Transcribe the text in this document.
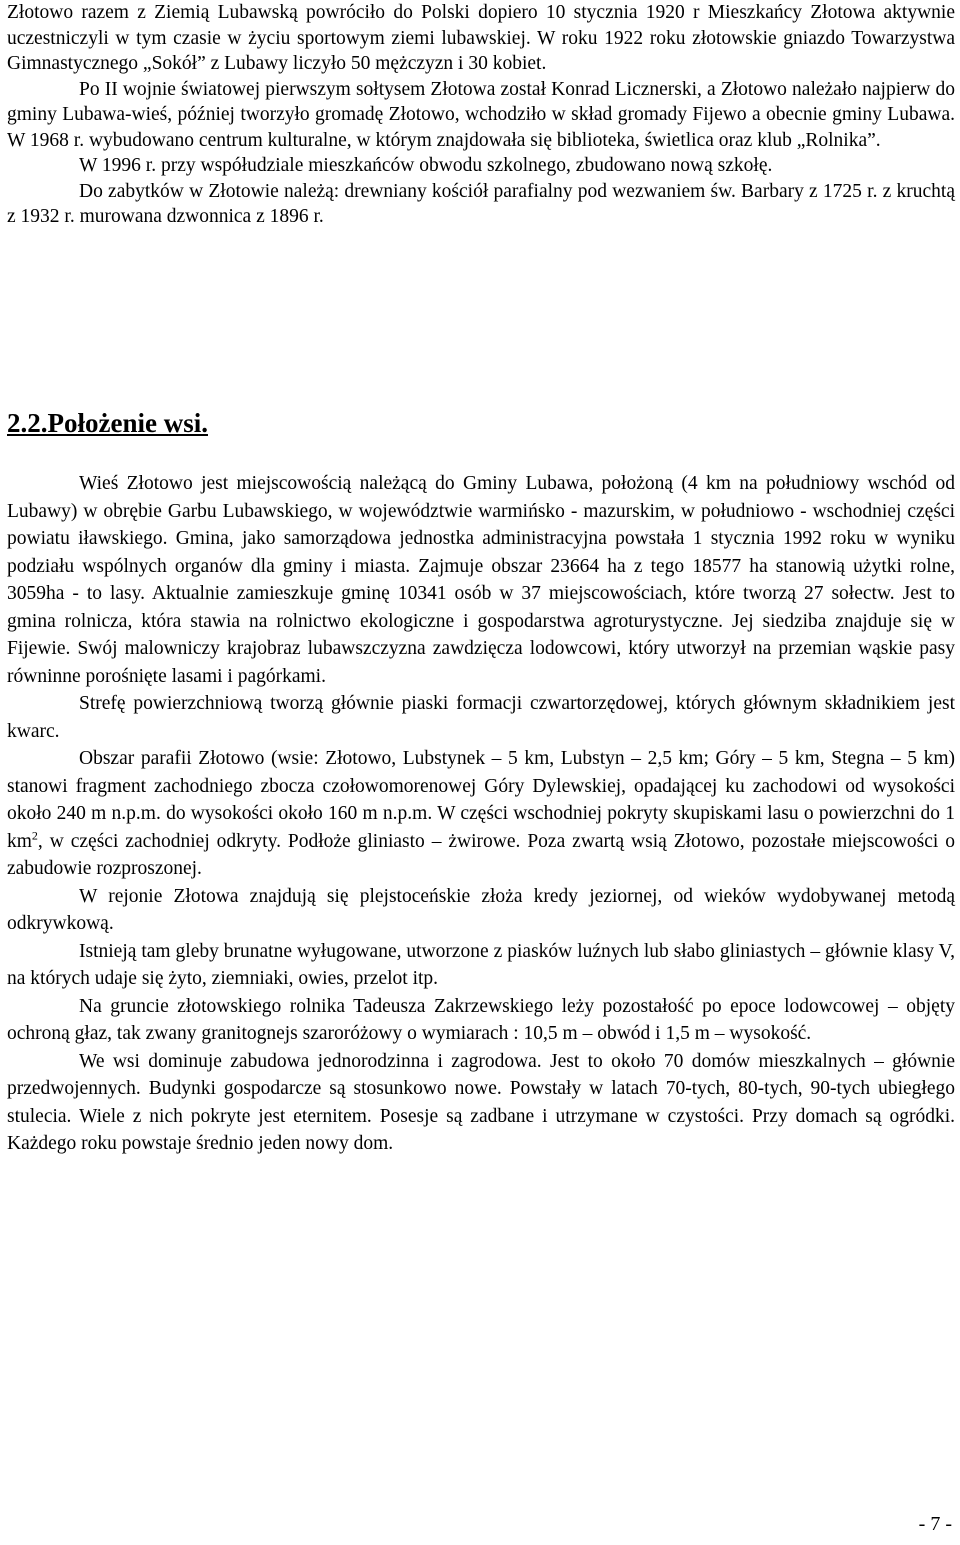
Złotowo razem z Ziemią Lubawską powróciło do Polski dopiero 10 stycznia 1920 r Mieszkańcy Złotowa aktywnie uczestniczyli w tym czasie w życiu sportowym ziemi lubawskiej. W roku 1922 roku złotowskie gniazdo Towarzystwa Gimnastycznego „Sokół” z Lubawy liczyło 50 mężczyzn i 30 kobiet.

Po II wojnie światowej pierwszym sołtysem Złotowa został Konrad Licznerski, a Złotowo należało najpierw do gminy Lubawa-wieś, później tworzyło gromadę Złotowo, wchodziło w skład gromady Fijewo a obecnie gminy Lubawa. W 1968 r. wybudowano centrum kulturalne, w którym znajdowała się biblioteka, świetlica oraz klub „Rolnika”.

W 1996 r. przy współudziale mieszkańców obwodu szkolnego, zbudowano nową szkołę.

Do zabytków w Złotowie należą: drewniany kościół parafialny pod wezwaniem św. Barbary z 1725 r. z kruchtą z 1932 r. murowana dzwonnica z 1896 r.

2.2.Położenie wsi.

Wieś Złotowo jest miejscowością należącą do Gminy Lubawa, położoną (4 km na południowy wschód od Lubawy) w obrębie Garbu Lubawskiego, w województwie warmińsko - mazurskim, w południowo - wschodniej części powiatu iławskiego. Gmina, jako samorządowa jednostka administracyjna powstała 1 stycznia 1992 roku w wyniku podziału wspólnych organów dla gminy i miasta. Zajmuje obszar 23664 ha z tego 18577 ha stanowią użytki rolne, 3059ha - to lasy. Aktualnie zamieszkuje gminę 10341 osób w 37 miejscowościach, które tworzą 27 sołectw. Jest to gmina rolnicza, która stawia na rolnictwo ekologiczne i gospodarstwa agroturystyczne. Jej siedziba znajduje się w Fijewie. Swój malowniczy krajobraz lubawszczyzna zawdzięcza lodowcowi, który utworzył na przemian wąskie pasy równinne porośnięte lasami i pagórkami.

Strefę powierzchniową tworzą głównie piaski formacji czwartorzędowej, których głównym składnikiem jest kwarc.

Obszar parafii Złotowo (wsie: Złotowo, Lubstynek – 5 km, Lubstyn – 2,5 km; Góry – 5 km, Stegna – 5 km) stanowi fragment zachodniego zbocza czołowomorenowej Góry Dylewskiej, opadającej ku zachodowi od wysokości około 240 m n.p.m. do wysokości około 160 m n.p.m. W części wschodniej pokryty skupiskami lasu o powierzchni do 1 $km^2$, w części zachodniej odkryty. Podłoże gliniasto – żwirowe. Poza zwartą wsią Złotowo, pozostałe miejscowości o zabudowie rozproszonej.

W rejonie Złotowa znajdują się plejstoceńskie złoża kredy jeziornej, od wieków wydobywanej metodą odkrywkową.

Istnieją tam gleby brunatne wyługowane, utworzone z piasków luźnych lub słabo gliniastych – głównie klasy V, na których udaje się żyto, ziemniaki, owies, przelot itp.

Na gruncie złotowskiego rolnika Tadeusza Zakrzewskiego leży pozostałość po epoce lodowcowej – objęty ochroną głaz, tak zwany granitognejs szaroróżowy o wymiarach : 10,5 m – obwód i 1,5 m – wysokość.

We wsi dominuje zabudowa jednorodzinna i zagrodowa. Jest to około 70 domów mieszkalnych – głównie przedwojennych. Budynki gospodarcze są stosunkowo nowe. Powstały w latach 70-tych, 80-tych, 90-tych ubiegłego stulecia. Wiele z nich pokryte jest eternitem. Posesje są zadbane i utrzymane w czystości. Przy domach są ogródki. Każdego roku powstaje średnio jeden nowy dom.

- 7 -
